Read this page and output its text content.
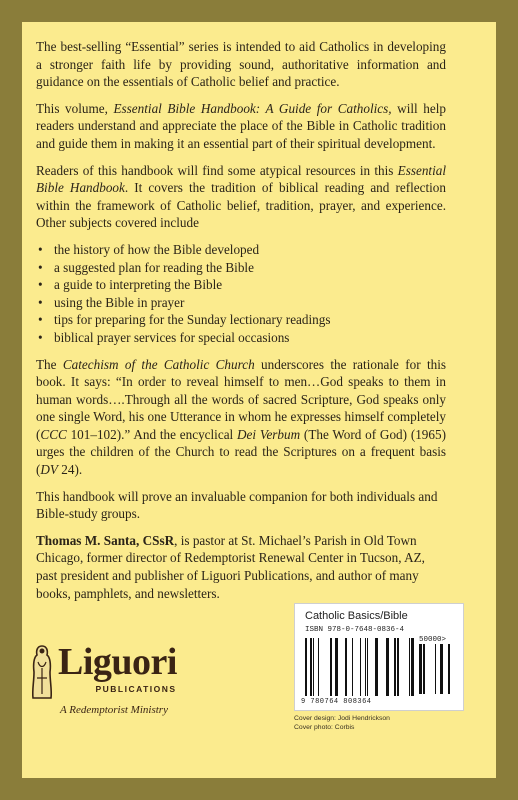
The best-selling “Essential” series is intended to aid Catholics in developing a stronger faith life by providing sound, authoritative information and guidance on the essentials of Catholic belief and practice.

This volume, Essential Bible Handbook: A Guide for Catholics, will help readers understand and appreciate the place of the Bible in Catholic tradition and guide them in making it an essential part of their spiritual development.

Readers of this handbook will find some atypical resources in this Essential Bible Handbook. It covers the tradition of biblical reading and reflection within the framework of Catholic belief, tradition, prayer, and experience. Other subjects covered include

• the history of how the Bible developed
• a suggested plan for reading the Bible
• a guide to interpreting the Bible
• using the Bible in prayer
• tips for preparing for the Sunday lectionary readings
• biblical prayer services for special occasions

The Catechism of the Catholic Church underscores the rationale for this book. It says: “In order to reveal himself to men…God speaks to them in human words….Through all the words of sacred Scripture, God speaks only one single Word, his one Utterance in whom he expresses himself completely (CCC 101–102).” And the encyclical Dei Verbum (The Word of God) (1965) urges the children of the Church to read the Scriptures on a frequent basis (DV 24).

This handbook will prove an invaluable companion for both individuals and Bible-study groups.

Thomas M. Santa, CSsR, is pastor at St. Michael’s Parish in Old Town Chicago, former director of Redemptorist Renewal Center in Tucson, AZ, past president and publisher of Liguori Publications, and author of many books, pamphlets, and newsletters.

Liguori
PUBLICATIONS
A Redemptorist Ministry
Catholic Basics/Bible
ISBN 978-0-7648-0836-4
50000>
9 780764 808364
Cover design: Jodi Hendrickson
Cover photo: Corbis
